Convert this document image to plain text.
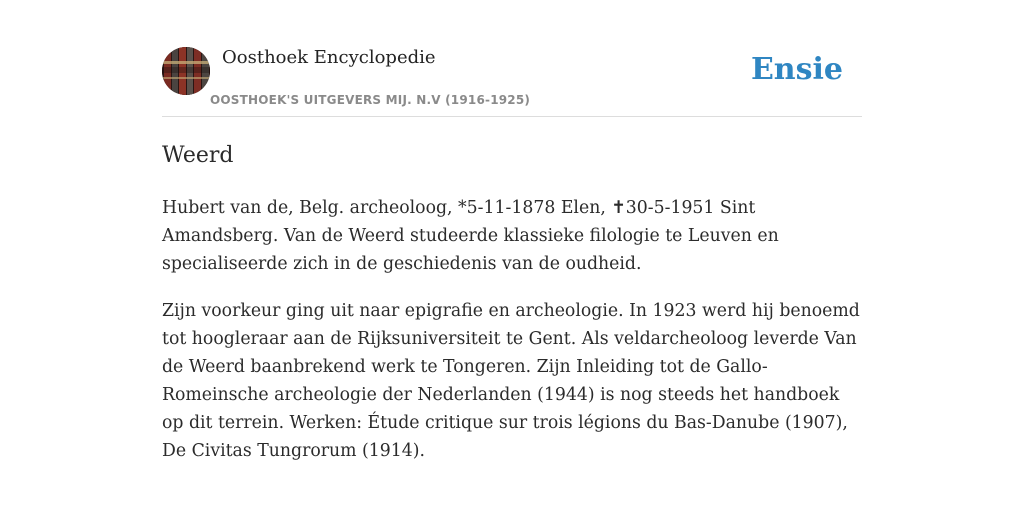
Oosthoek Encyclopedie
OOSTHOEK'S UITGEVERS MIJ. N.V (1916-1925)
Ensie
Weerd

Hubert van de, Belg. archeoloog, *5-11-1878 Elen, ✝30-5-1951 Sint Amandsberg. Van de Weerd studeerde klassieke filologie te Leuven en specialiseerde zich in de geschiedenis van de oudheid.

Zijn voorkeur ging uit naar epigrafie en archeologie. In 1923 werd hij benoemd tot hoogleraar aan de Rijksuniversiteit te Gent. Als veldarcheoloog leverde Van de Weerd baanbrekend werk te Tongeren. Zijn Inleiding tot de Gallo-Romeinsche archeologie der Nederlanden (1944) is nog steeds het handboek op dit terrein. Werken: Étude critique sur trois légions du Bas-Danube (1907), De Civitas Tungrorum (1914).
